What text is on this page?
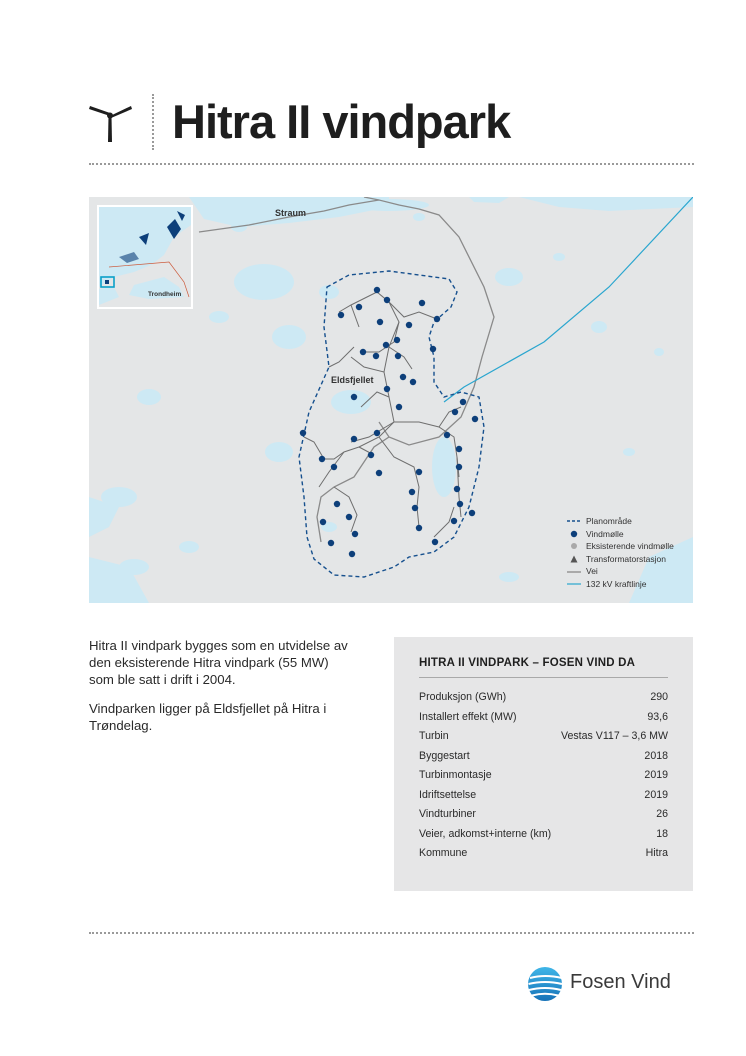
Hitra II vindpark
Straum
Eldsfjellet
Trondheim
Planområde
Vindmølle
Eksisterende vindmølle
Transformatorstasjon
Vei
132 kV kraftlinje

Hitra II vindpark bygges som en utvidelse av den eksisterende Hitra vindpark (55 MW) som ble satt i drift i 2004.

Vindparken ligger på Eldsfjellet på Hitra i Trøndelag.

HITRA II VINDPARK – FOSEN VIND DA
Produksjon (GWh)	290
Installert effekt (MW)	93,6
Turbin	Vestas V117 – 3,6 MW
Byggestart	2018
Turbinmontasje	2019
Idriftsettelse	2019
Vindturbiner	26
Veier, adkomst+interne (km)	18
Kommune	Hitra
Fosen Vind
